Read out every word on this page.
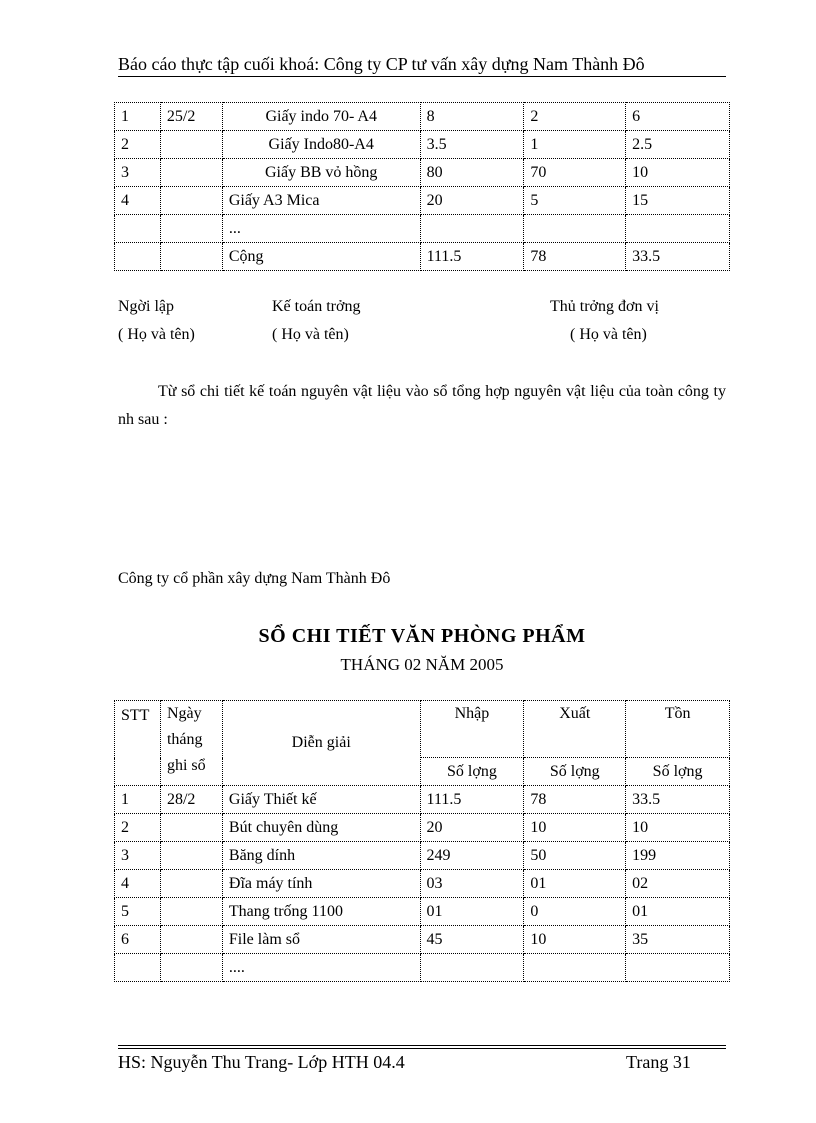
Báo cáo thực tập cuối khoá: Công ty CP tư vấn xây dựng Nam Thành Đô
1	25/2	Giấy indo 70- A4	8	2	6
2		Giấy Indo80-A4	3.5	1	2.5
3		Giấy BB vỏ hồng	80	70	10
4		Giấy A3 Mica	20	5	15
		...			
		Cộng	111.5	78	33.5
Ngời lập
( Họ và tên)
Kế toán trởng
( Họ và tên)
Thủ trởng đơn vị
( Họ và tên)
Từ sổ chi tiết kế toán nguyên vật liệu vào sổ tổng hợp nguyên vật liệu của toàn công ty nh sau :
Công ty cổ phần xây dựng Nam Thành Đô
SỔ CHI TIẾT VĂN PHÒNG PHẨM
THÁNG 02 NĂM 2005
STT	Ngày tháng ghi sổ	Diễn giải	Nhập	Xuất	Tồn
			Số lợng	Số lợng	Số lợng
1	28/2	Giấy Thiết kế	111.5	78	33.5
2		Bút chuyên dùng	20	10	10
3		Băng dính	249	50	199
4		Đĩa máy tính	03	01	02
5		Thang trống 1100	01	0	01
6		File làm sổ	45	10	35
		....			
HS: Nguyễn Thu Trang- Lớp HTH 04.4	Trang 31
